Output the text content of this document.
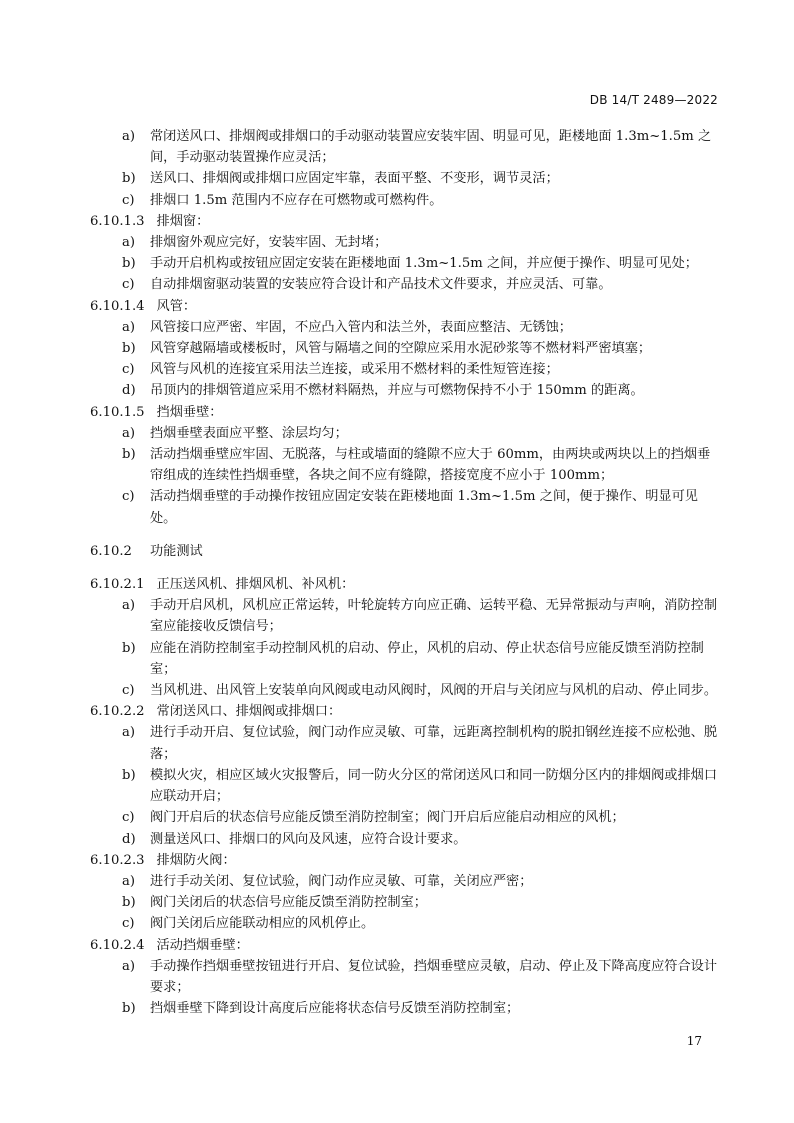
DB 14/T 2489—2022
a)	常闭送风口、排烟阀或排烟口的手动驱动装置应安装牢固、明显可见，距楼地面 1.3m~1.5m 之间，手动驱动装置操作应灵活；
b)	送风口、排烟阀或排烟口应固定牢靠，表面平整、不变形，调节灵活；
c)	排烟口 1.5m 范围内不应存在可燃物或可燃构件。
6.10.1.3 排烟窗：
a)	排烟窗外观应完好，安装牢固、无封堵；
b)	手动开启机构或按钮应固定安装在距楼地面 1.3m~1.5m 之间，并应便于操作、明显可见处；
c)	自动排烟窗驱动装置的安装应符合设计和产品技术文件要求，并应灵活、可靠。
6.10.1.4 风管：
a)	风管接口应严密、牢固，不应凸入管内和法兰外，表面应整洁、无锈蚀；
b)	风管穿越隔墙或楼板时，风管与隔墙之间的空隙应采用水泥砂浆等不燃材料严密填塞；
c)	风管与风机的连接宜采用法兰连接，或采用不燃材料的柔性短管连接；
d)	吊顶内的排烟管道应采用不燃材料隔热，并应与可燃物保持不小于 150mm 的距离。
6.10.1.5 挡烟垂壁：
a)	挡烟垂壁表面应平整、涂层均匀；
b)	活动挡烟垂壁应牢固、无脱落，与柱或墙面的缝隙不应大于 60mm，由两块或两块以上的挡烟垂帘组成的连续性挡烟垂壁，各块之间不应有缝隙，搭接宽度不应小于 100mm；
c)	活动挡烟垂壁的手动操作按钮应固定安装在距楼地面 1.3m~1.5m 之间，便于操作、明显可见处。
6.10.2 功能测试
6.10.2.1 正压送风机、排烟风机、补风机：
a)	手动开启风机，风机应正常运转，叶轮旋转方向应正确、运转平稳、无异常振动与声响，消防控制室应能接收反馈信号；
b)	应能在消防控制室手动控制风机的启动、停止，风机的启动、停止状态信号应能反馈至消防控制室；
c)	当风机进、出风管上安装单向风阀或电动风阀时，风阀的开启与关闭应与风机的启动、停止同步。
6.10.2.2 常闭送风口、排烟阀或排烟口：
a)	进行手动开启、复位试验，阀门动作应灵敏、可靠，远距离控制机构的脱扣钢丝连接不应松弛、脱落；
b)	模拟火灾，相应区域火灾报警后，同一防火分区的常闭送风口和同一防烟分区内的排烟阀或排烟口应联动开启；
c)	阀门开启后的状态信号应能反馈至消防控制室；阀门开启后应能启动相应的风机；
d)	测量送风口、排烟口的风向及风速，应符合设计要求。
6.10.2.3 排烟防火阀：
a)	进行手动关闭、复位试验，阀门动作应灵敏、可靠，关闭应严密；
b)	阀门关闭后的状态信号应能反馈至消防控制室；
c)	阀门关闭后应能联动相应的风机停止。
6.10.2.4 活动挡烟垂壁：
a)	手动操作挡烟垂壁按钮进行开启、复位试验，挡烟垂壁应灵敏，启动、停止及下降高度应符合设计要求；
b)	挡烟垂壁下降到设计高度后应能将状态信号反馈至消防控制室；
17
